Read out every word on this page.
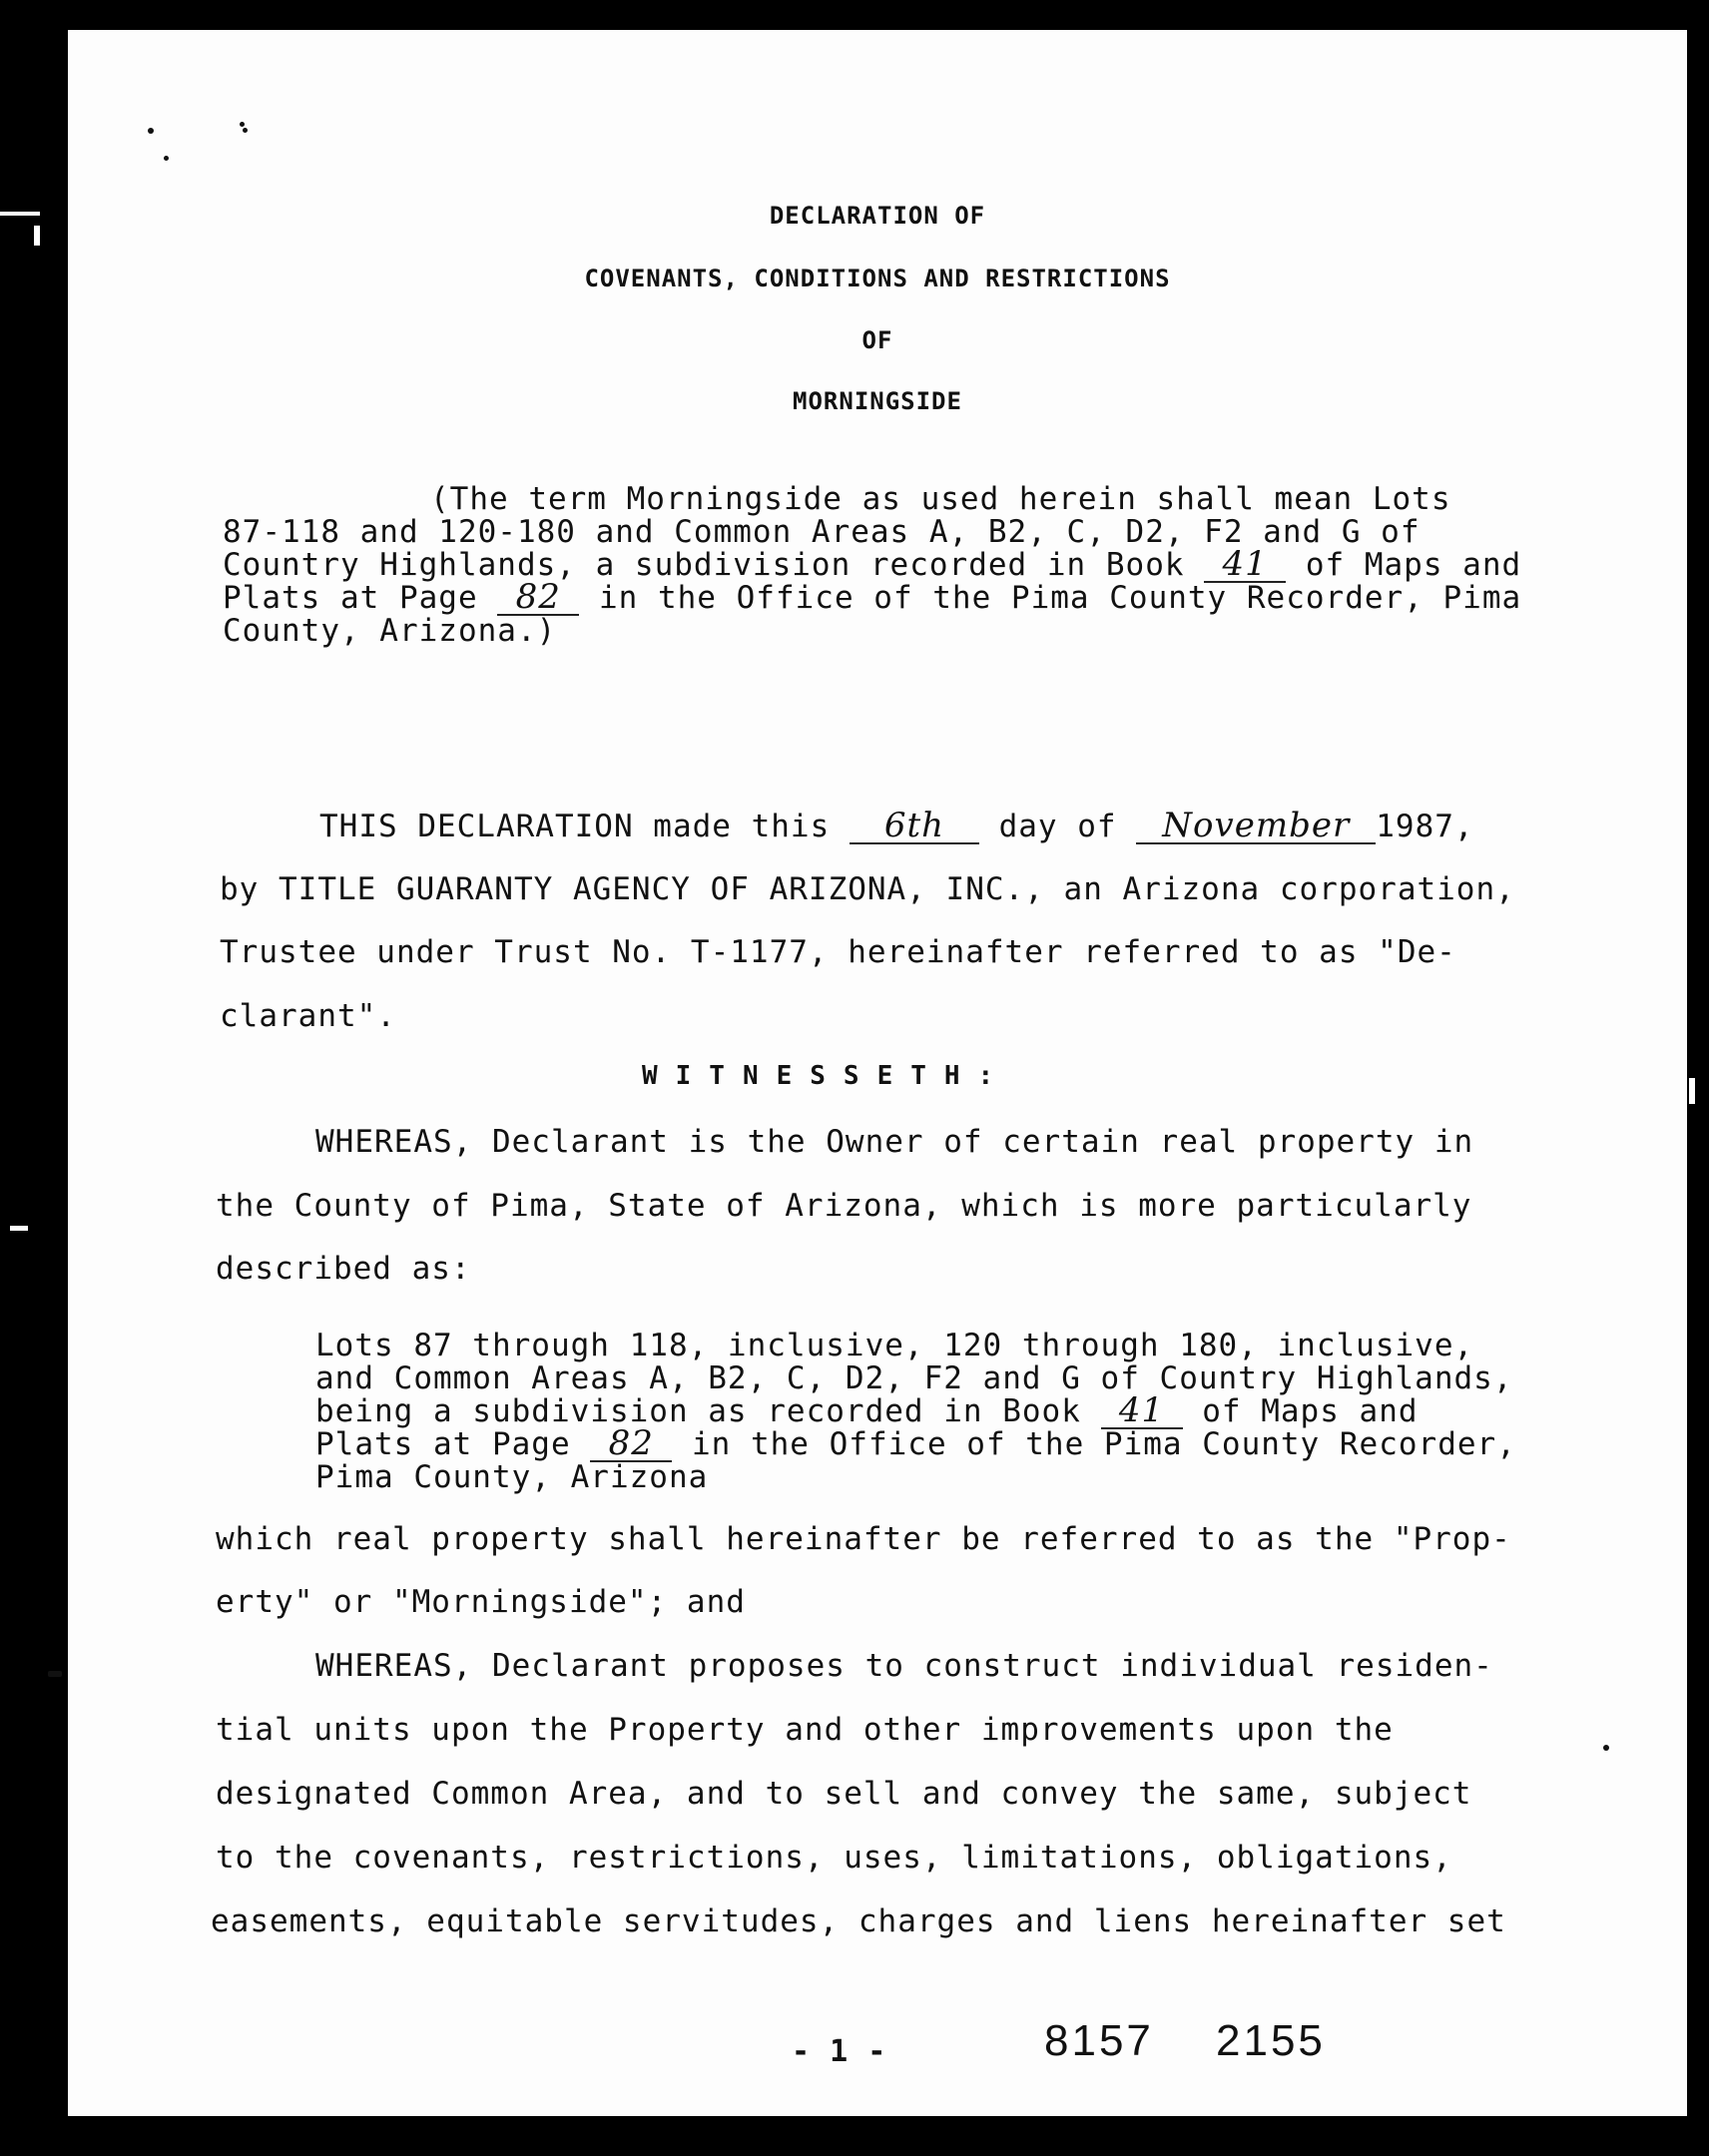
DECLARATION OF
COVENANTS, CONDITIONS AND RESTRICTIONS
OF
MORNINGSIDE
(The term Morningside as used herein shall mean Lots
87-118 and 120-180 and Common Areas A, B2, C, D2, F2 and G of
Country Highlands, a subdivision recorded in Book 41 of Maps and
Plats at Page 82 in the Office of the Pima County Recorder, Pima
County, Arizona.)
THIS DECLARATION made this 6th day of November 1987,
by TITLE GUARANTY AGENCY OF ARIZONA, INC., an Arizona corporation,
Trustee under Trust No. T-1177, hereinafter referred to as "De-
clarant".
WITNESSETH:
WHEREAS, Declarant is the Owner of certain real property in
the County of Pima, State of Arizona, which is more particularly
described as:
Lots 87 through 118, inclusive, 120 through 180, inclusive,
and Common Areas A, B2, C, D2, F2 and G of Country Highlands,
being a subdivision as recorded in Book 41 of Maps and
Plats at Page 82 in the Office of the Pima County Recorder,
Pima County, Arizona
which real property shall hereinafter be referred to as the "Prop-
erty" or "Morningside"; and
WHEREAS, Declarant proposes to construct individual residen-
tial units upon the Property and other improvements upon the
designated Common Area, and to sell and convey the same, subject
to the covenants, restrictions, uses, limitations, obligations,
easements, equitable servitudes, charges and liens hereinafter set
- 1 -	8157 2155
